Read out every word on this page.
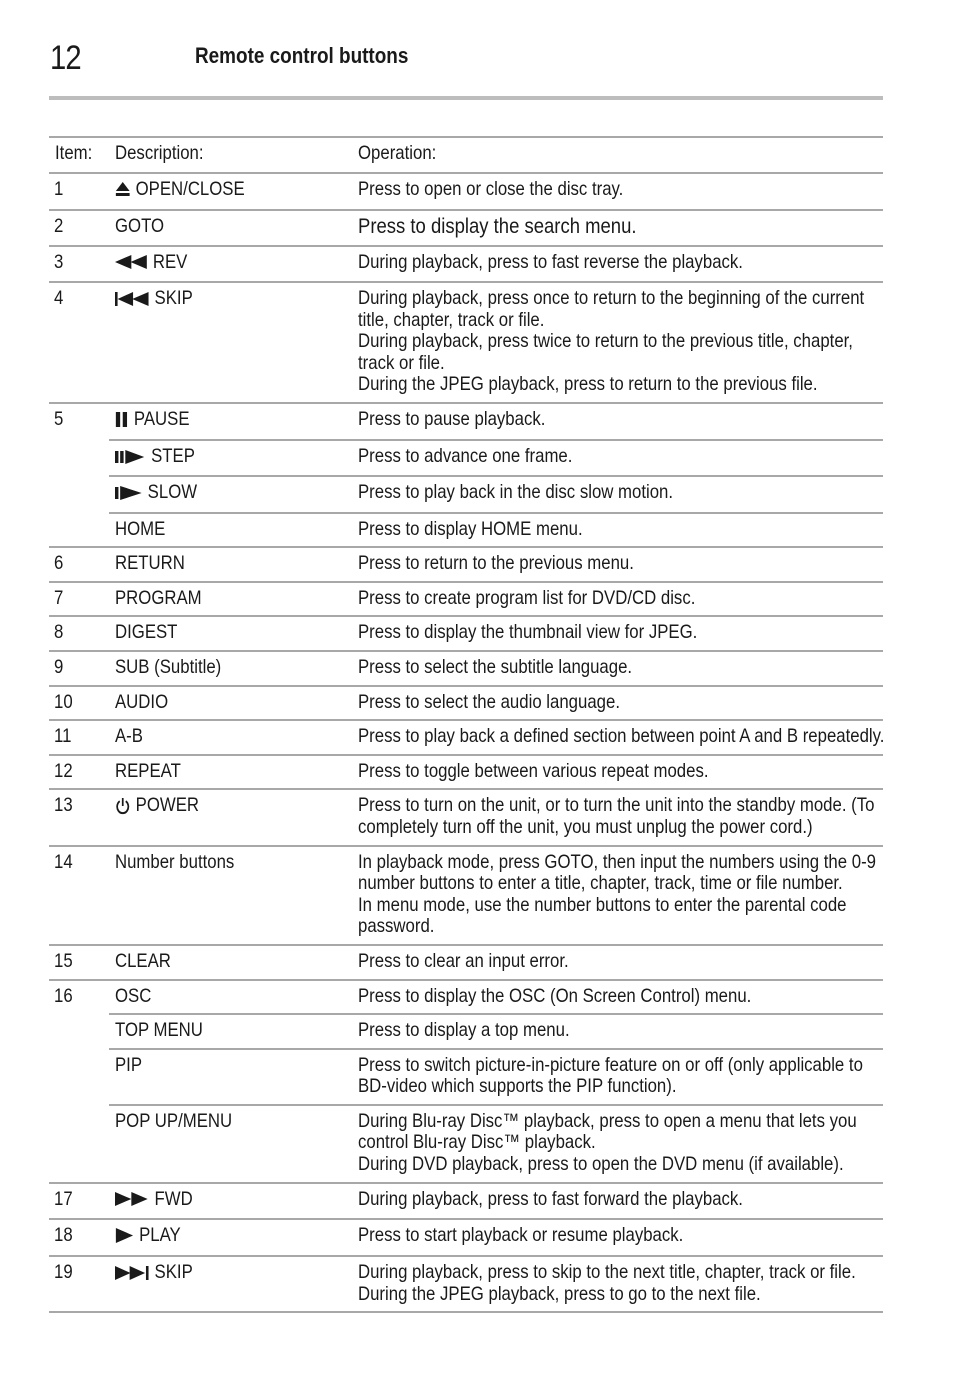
12	Remote control buttons
Item:	Description:	Operation:
1	OPEN/CLOSE	Press to open or close the disc tray.

2	GOTO	Press to display the search menu.

3	REV	During playback, press to fast reverse the playback.

4	SKIP	During playback, press once to return to the beginning of the current
title, chapter, track or file.
During playback, press twice to return to the previous title, chapter,
track or file.
During the JPEG playback, press to return to the previous file.

5	PAUSE	Press to pause playback.

	STEP	Press to advance one frame.

	SLOW	Press to play back in the disc slow motion.

	HOME	Press to display HOME menu.

6	RETURN	Press to return to the previous menu.

7	PROGRAM	Press to create program list for DVD/CD disc.

8	DIGEST	Press to display the thumbnail view for JPEG.

9	SUB (Subtitle)	Press to select the subtitle language.

10	AUDIO	Press to select the audio language.

11	A-B	Press to play back a defined section between point A and B repeatedly.

12	REPEAT	Press to toggle between various repeat modes.

13	POWER	Press to turn on the unit, or to turn the unit into the standby mode. (To
completely turn off the unit, you must unplug the power cord.)

14	Number buttons	In playback mode, press GOTO, then input the numbers using the 0-9
number buttons to enter a title, chapter, track, time or file number.
In menu mode, use the number buttons to enter the parental code
password.

15	CLEAR	Press to clear an input error.

16	OSC	Press to display the OSC (On Screen Control) menu.

	TOP MENU	Press to display a top menu.

	PIP	Press to switch picture-in-picture feature on or off (only applicable to
BD-video which supports the PIP function).

	POP UP/MENU	During Blu-ray Disc™ playback, press to open a menu that lets you
control Blu-ray Disc™ playback.
During DVD playback, press to open the DVD menu (if available).

17	FWD	During playback, press to fast forward the playback.

18	PLAY	Press to start playback or resume playback.

19	SKIP	During playback, press to skip to the next title, chapter, track or file.
During the JPEG playback, press to go to the next file.
